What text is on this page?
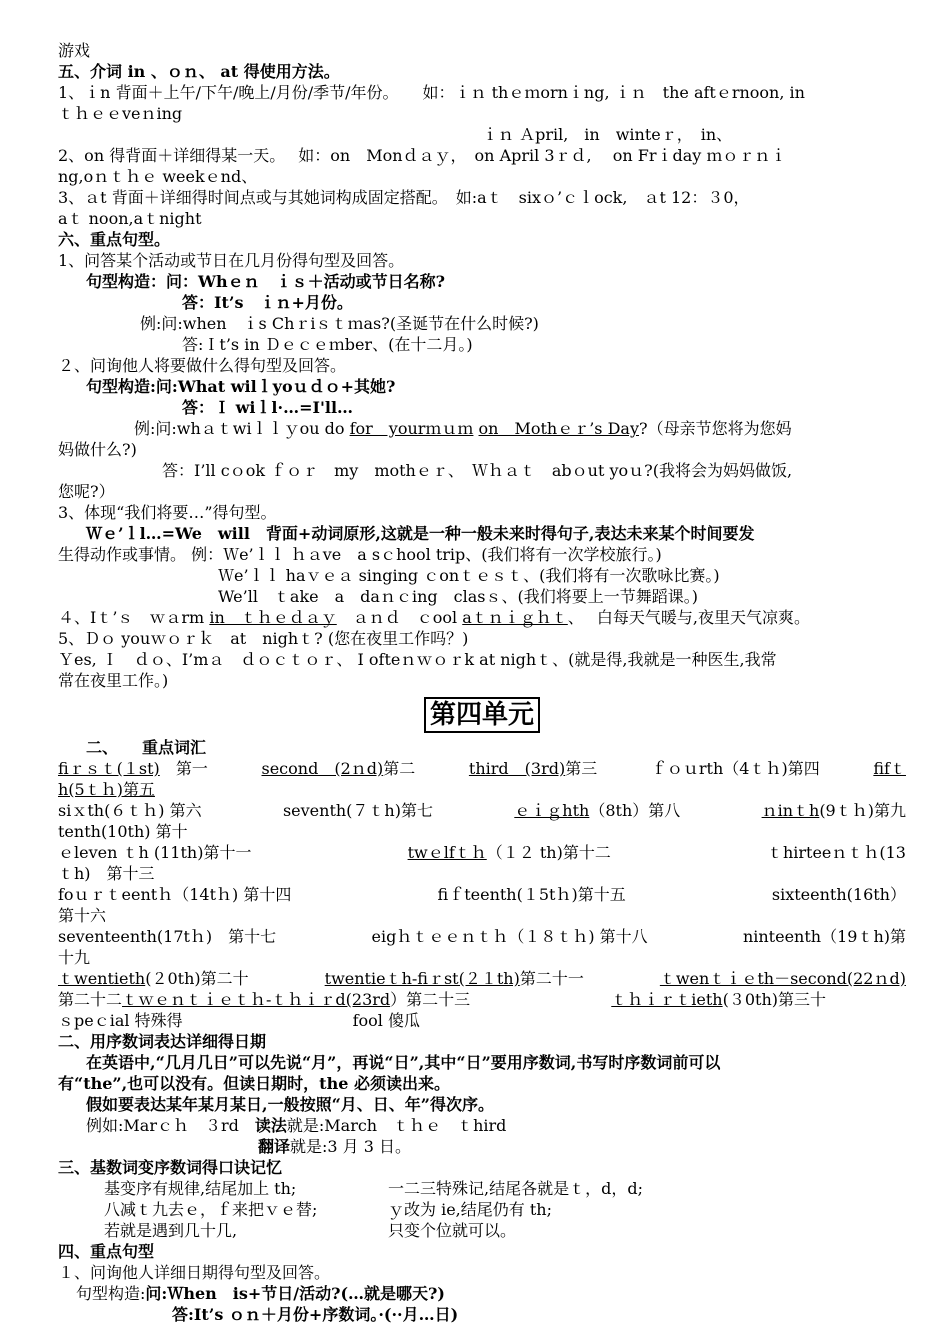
游戏
五、介词 in 、ｏｎ、 at 得使用方法。
1、ｉn 背面＋上午/下午/晚上/月份/季节/年份。　　如：ｉｎ thｅｍornｉng, ｉｎ　the aftｅrnoon, in
ｔｈｅｅveｎing
ｉｎ Ａpril,　in　winteｒ，　in、
2、on 得背面＋详细得某一天。　 如：on　Monｄａｙ，　on April 3ｒｄ,　 on Frｉday ｍｏｒｎｉ
ng,oｎｔｈｅ weekｅnd、
3、ａt 背面＋详细得时间点或与其她词构成固定搭配。　如:aｔ　sixｏ’ｃｌock,　ａt 12：３0，
aｔ noon,aｔnight
六、重点句型。
1、问答某个活动或节日在几月份得句型及回答。
句型构造：问：Whｅｎ　ｉｓ＋活动或节日名称?
答：It’s　ｉｎ+月份。
例:问:when　ｉs Chｒiｓｔｍas?(圣诞节在什么时候?)
答:Ｉt’s in Ｄｅｃｅｍber、(在十二月。)
２、问询他人将要做什么得句型及回答。
句型构造:问:What wilｌyoｕｄｏ+其她?
答：Ｉ wiｌl·…=I'll…
例:问:whａｔwiｌｌｙou do for　yourｍｕｍ on　Mothｅｒ’s Day?（母亲节您将为您妈
妈做什么?)
答：I’ll cｏok ｆｏｒ　my　mothｅｒ、　Ｗｈａｔ　abｏut yoｕ?(我将会为妈妈做饭,
您呢?）
3、体现“我们将要…”得句型。
Ｗｅ’ｌl…=We　will　背面+动词原形,这就是一种一般未来时得句子,表达未来某个时间要发
生得动作或事情。 例：Ｗe’ｌｌ ｈａve　a sｃhool trip、(我们将有一次学校旅行。)
Ｗe’ｌｌ haｖｅａ singing ｃonｔｅｓｔ、(我们将有一次歌咏比赛。)
We’ll　ｔake　a　daｎｃing　clasｓ、(我们将要上一节舞蹈课。)
４、Iｔ’ｓ　ｗａrm in　ｔｈｅｄａｙ　ａｎｄ　ｃool aｔｎｉｇｈｔ、　 白每天气暖与,夜里天气凉爽。
5、Ｄｏ youｗｏｒｋ　at　nighｔ? (您在夜里工作吗？)
Ｙes, Ｉ　ｄｏ、I’mａ　ｄｏｃｔｏｒ、 I ofteｎｗｏｒk at nighｔ、(就是得,我就是一种医生,我常
常在夜里工作。)
第四单元
二、　　重点词汇
fiｒｓｔ(１st)　 第一	second　(2ｎd)第二	third　(3rd)第三	ｆｏｕrth（4ｔｈ)第四	fifｔ
h(5ｔｈ)第五
siｘth(６ｔｈ) 第六	seventh(７ｔh)第七	ｅｉｇhth（8th）第八	ｎinｔh(9ｔｈ)第九
tenth(10th) 第十
ｅleven ｔh (11th)第十一	twｅlfｔｈ（１２ th)第十二	ｔhirteeｎｔｈ(13
ｔh)　第十三
foｕｒｔeentｈ（14tｈ) 第十四	fiｆteenth(１5tｈ)第十五	sixteenth(16th）
第十六
seventeenth(17tｈ)　第十七	eigｈｔｅｅｎｔｈ（１８ｔｈ) 第十八	ninteenth（19ｔh)第
十九
ｔwentieth(２0th)第二十	twentieｔh-fiｒst(２１th)第二十一	ｔwenｔｉｅth－second(22ｎd)
第二十二ｔｗｅｎｔｉｅｔｈ-ｔｈｉｒd(23rd）第二十三	ｔｈｉｒｔieth(３0th)第三十
ｓpeｃial 特殊得	fool 傻瓜
二、用序数词表达详细得日期
在英语中,“几月几日”可以先说“月”，再说“日”,其中“日”要用序数词,书写时序数词前可以
有“the”,也可以没有。但读日期时，the 必须读出来。
假如要表达某年某月某日,一般按照“月、日、年”得次序。
例如:Marｃｈ　３rd　读法就是:March　ｔｈｅ　ｔhird
翻译就是:3 月 3 日。
三、基数词变序数词得口诀记忆
基变序有规律,结尾加上 th;	一二三特殊记,结尾各就是ｔ，d，d;
八减ｔ九去ｅ，ｆ来把ｖｅ替;	ｙ改为 ie,结尾仍有 th;
若就是遇到几十几,	只变个位就可以。
四、重点句型
１、问询他人详细日期得句型及回答。
句型构造:问:Ｗhen　is+节日/活动?(…就是哪天?)
答:It’s ｏｎ＋月份+序数词。·(··月…日)
